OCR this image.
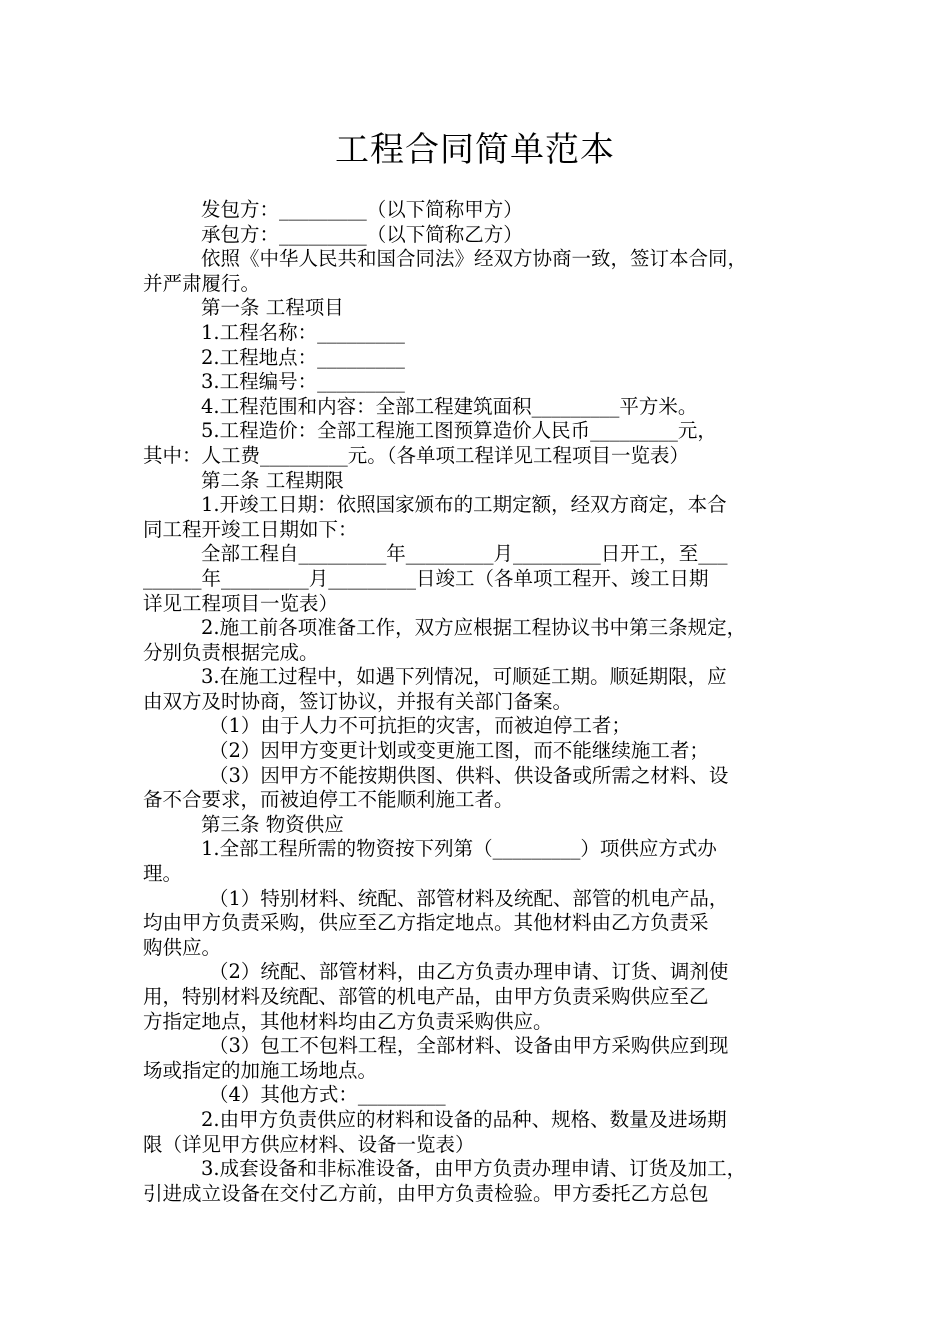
工程合同简单范本

发包方：_________（以下简称甲方）

承包方：_________（以下简称乙方）

依照《中华人民共和国合同法》经双方协商一致，签订本合同，

并严肃履行。

第一条 工程项目

1.工程名称：_________

2.工程地点：_________

3.工程编号：_________

4.工程范围和内容：全部工程建筑面积_________平方米。

5.工程造价：全部工程施工图预算造价人民币_________元，

其中：人工费_________元。（各单项工程详见工程项目一览表）

第二条 工程期限

1.开竣工日期：依照国家颁布的工期定额，经双方商定，本合

同工程开竣工日期如下：

全部工程自_________年_________月_________日开工，至___

______年_________月_________日竣工（各单项工程开、竣工日期

详见工程项目一览表）

2.施工前各项准备工作，双方应根据工程协议书中第三条规定，

分别负责根据完成。

3.在施工过程中，如遇下列情况，可顺延工期。顺延期限，应

由双方及时协商，签订协议，并报有关部门备案。

（1）由于人力不可抗拒的灾害，而被迫停工者；

（2）因甲方变更计划或变更施工图，而不能继续施工者；

（3）因甲方不能按期供图、供料、供设备或所需之材料、设

备不合要求，而被迫停工不能顺利施工者。

第三条 物资供应

1.全部工程所需的物资按下列第（_________）项供应方式办

理。

（1）特别材料、统配、部管材料及统配、部管的机电产品，

均由甲方负责采购，供应至乙方指定地点。其他材料由乙方负责采

购供应。

（2）统配、部管材料，由乙方负责办理申请、订货、调剂使

用，特别材料及统配、部管的机电产品，由甲方负责采购供应至乙

方指定地点，其他材料均由乙方负责采购供应。

（3）包工不包料工程，全部材料、设备由甲方采购供应到现

场或指定的加施工场地点。

（4）其他方式：_________

2.由甲方负责供应的材料和设备的品种、规格、数量及进场期

限（详见甲方供应材料、设备一览表）

3.成套设备和非标准设备，由甲方负责办理申请、订货及加工，

引进成立设备在交付乙方前，由甲方负责检验。甲方委托乙方总包
